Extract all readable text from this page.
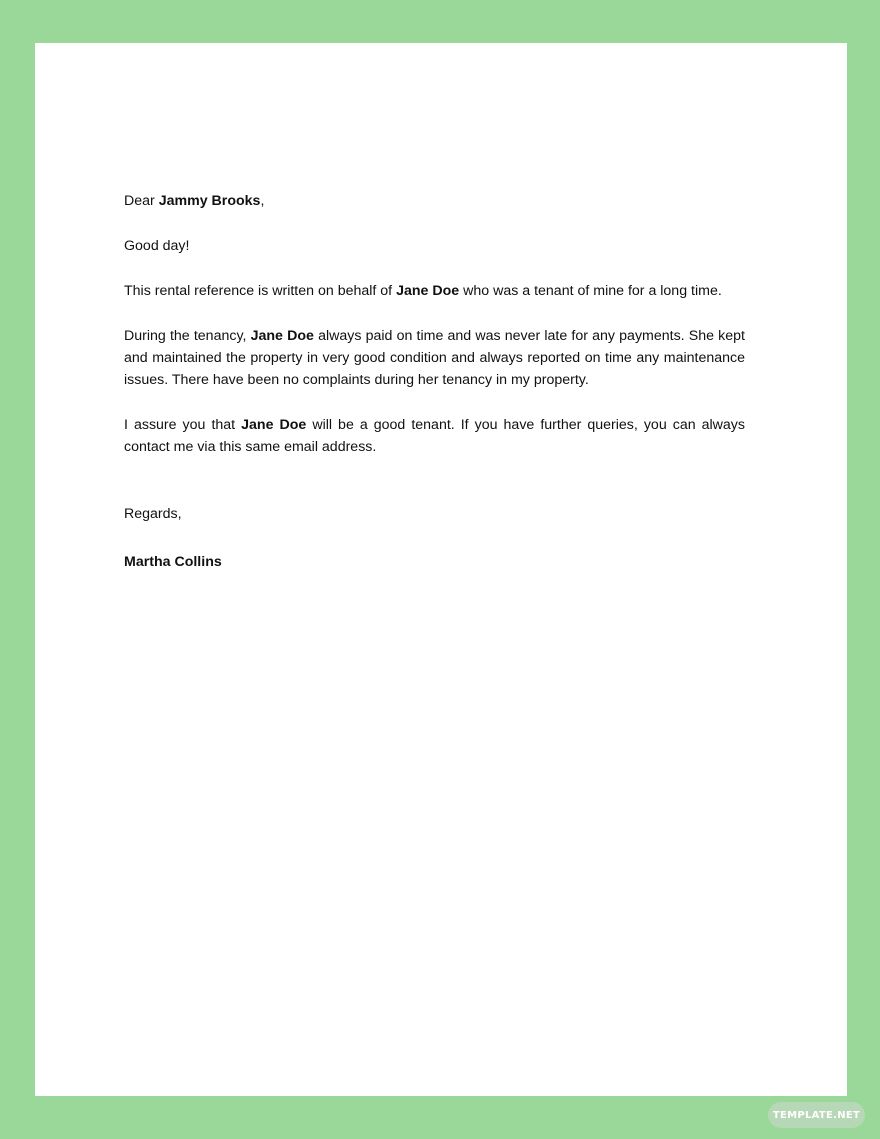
Dear Jammy Brooks,

Good day!

This rental reference is written on behalf of Jane Doe who was a tenant of mine for a long time.

During the tenancy, Jane Doe always paid on time and was never late for any payments. She kept and maintained the property in very good condition and always reported on time any maintenance issues. There have been no complaints during her tenancy in my property.

I assure you that Jane Doe will be a good tenant. If you have further queries, you can always contact me via this same email address.

Regards,

Martha Collins

TEMPLATE.NET
